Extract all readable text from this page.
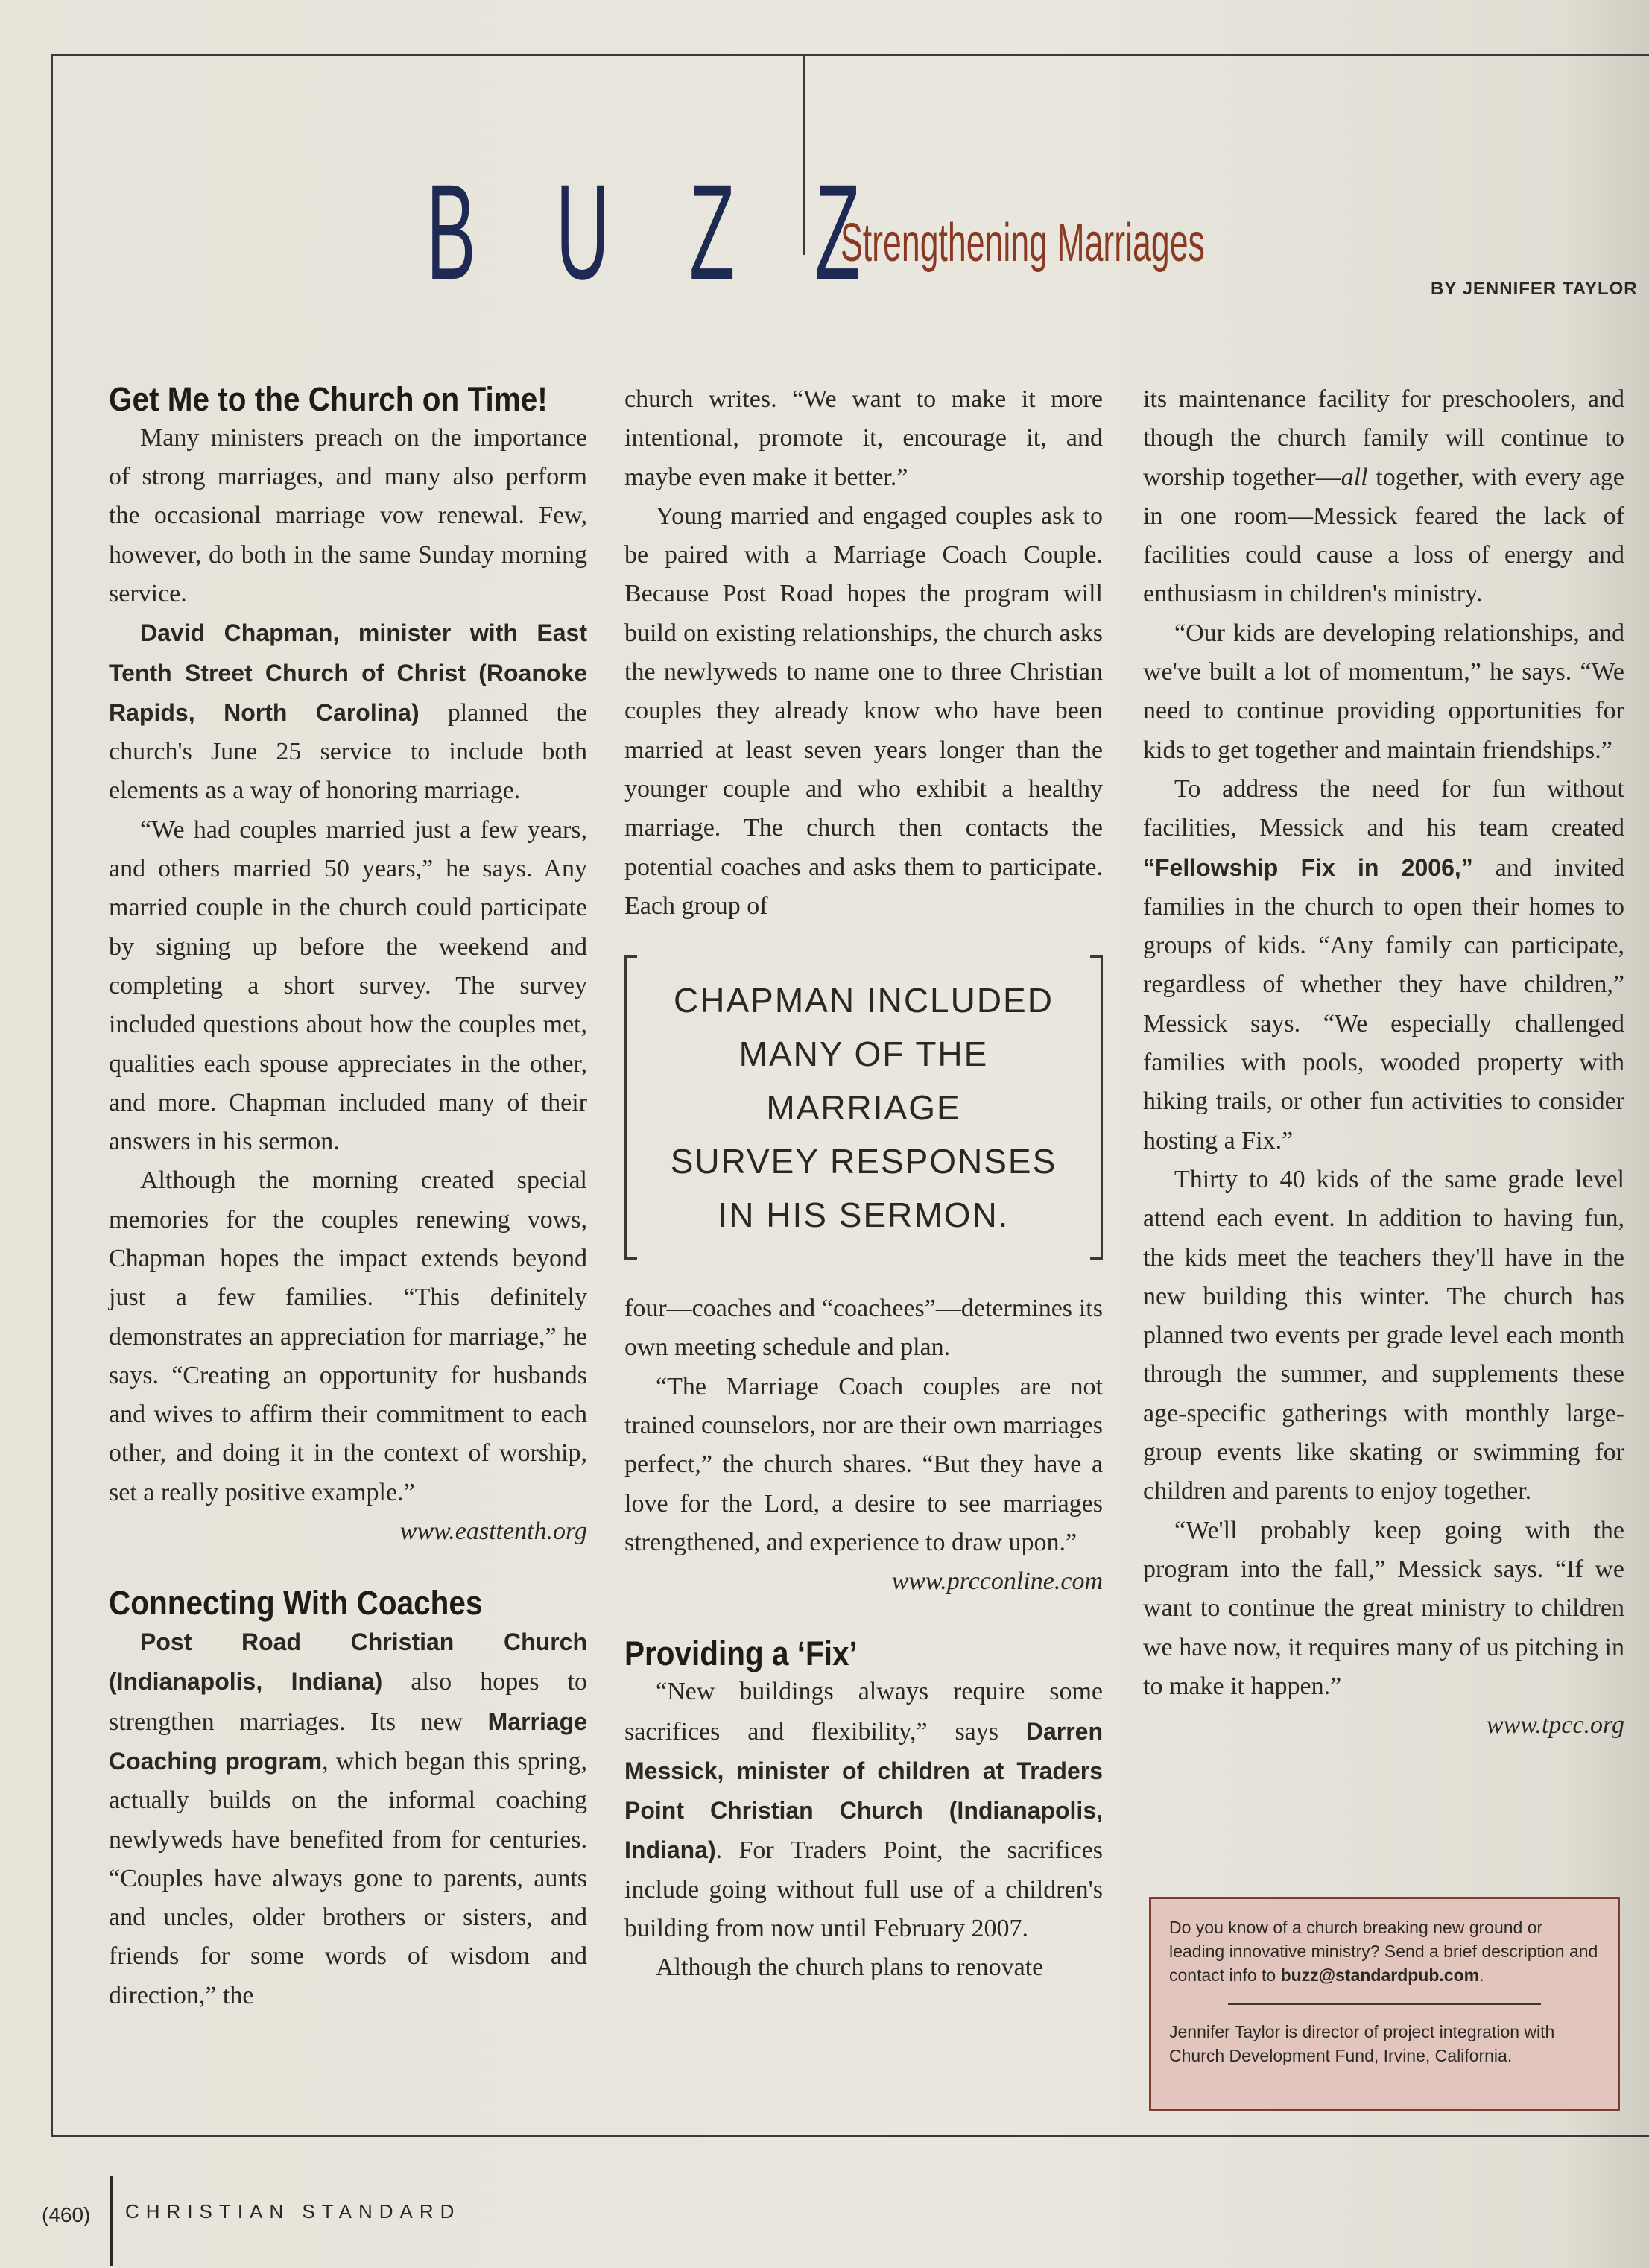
B U Z Z
Strengthening Marriages
BY JENNIFER TAYLOR
Get Me to the Church on Time!

Many ministers preach on the importance of strong marriages, and many also perform the occasional marriage vow renewal. Few, however, do both in the same Sunday morning service.

David Chapman, minister with East Tenth Street Church of Christ (Roanoke Rapids, North Carolina) planned the church's June 25 service to include both elements as a way of honoring marriage.

“We had couples married just a few years, and others married 50 years,” he says. Any married couple in the church could participate by signing up before the weekend and completing a short survey. The survey included questions about how the couples met, qualities each spouse appreciates in the other, and more. Chapman included many of their answers in his sermon.

Although the morning created special memories for the couples renewing vows, Chapman hopes the impact extends beyond just a few families. “This definitely demonstrates an appreciation for marriage,” he says. “Creating an opportunity for husbands and wives to affirm their commitment to each other, and doing it in the context of worship, set a really positive example.”

www.easttenth.org

Connecting With Coaches

Post Road Christian Church (Indianapolis, Indiana) also hopes to strengthen marriages. Its new Marriage Coaching program, which began this spring, actually builds on the informal coaching newlyweds have benefited from for centuries. “Couples have always gone to parents, aunts and uncles, older brothers or sisters, and friends for some words of wisdom and direction,” the

church writes. “We want to make it more intentional, promote it, encourage it, and maybe even make it better.”

Young married and engaged couples ask to be paired with a Marriage Coach Couple. Because Post Road hopes the program will build on existing relationships, the church asks the newlyweds to name one to three Christian couples they already know who have been married at least seven years longer than the younger couple and who exhibit a healthy marriage. The church then contacts the potential coaches and asks them to participate. Each group of

CHAPMAN INCLUDED
MANY OF THE MARRIAGE
SURVEY RESPONSES
IN HIS SERMON.

four—coaches and “coachees”—determines its own meeting schedule and plan.

“The Marriage Coach couples are not trained counselors, nor are their own marriages perfect,” the church shares. “But they have a love for the Lord, a desire to see marriages strengthened, and experience to draw upon.”

www.prcconline.com

Providing a ‘Fix’

“New buildings always require some sacrifices and flexibility,” says Darren Messick, minister of children at Traders Point Christian Church (Indianapolis, Indiana). For Traders Point, the sacrifices include going without full use of a children's building from now until February 2007.

Although the church plans to renovate

its maintenance facility for preschoolers, and though the church family will continue to worship together—all together, with every age in one room—Messick feared the lack of facilities could cause a loss of energy and enthusiasm in children's ministry.

“Our kids are developing relationships, and we've built a lot of momentum,” he says. “We need to continue providing opportunities for kids to get together and maintain friendships.”

To address the need for fun without facilities, Messick and his team created “Fellowship Fix in 2006,” and invited families in the church to open their homes to groups of kids. “Any family can participate, regardless of whether they have children,” Messick says. “We especially challenged families with pools, wooded property with hiking trails, or other fun activities to consider hosting a Fix.”

Thirty to 40 kids of the same grade level attend each event. In addition to having fun, the kids meet the teachers they'll have in the new building this winter. The church has planned two events per grade level each month through the summer, and supplements these age-specific gatherings with monthly large-group events like skating or swimming for children and parents to enjoy together.

“We'll probably keep going with the program into the fall,” Messick says. “If we want to continue the great ministry to children we have now, it requires many of us pitching in to make it happen.”

www.tpcc.org

Do you know of a church breaking new ground or leading innovative ministry? Send a brief description and contact info to buzz@standardpub.com.
Jennifer Taylor is director of project integration with Church Development Fund, Irvine, California.
(460) CHRISTIAN STANDARD
